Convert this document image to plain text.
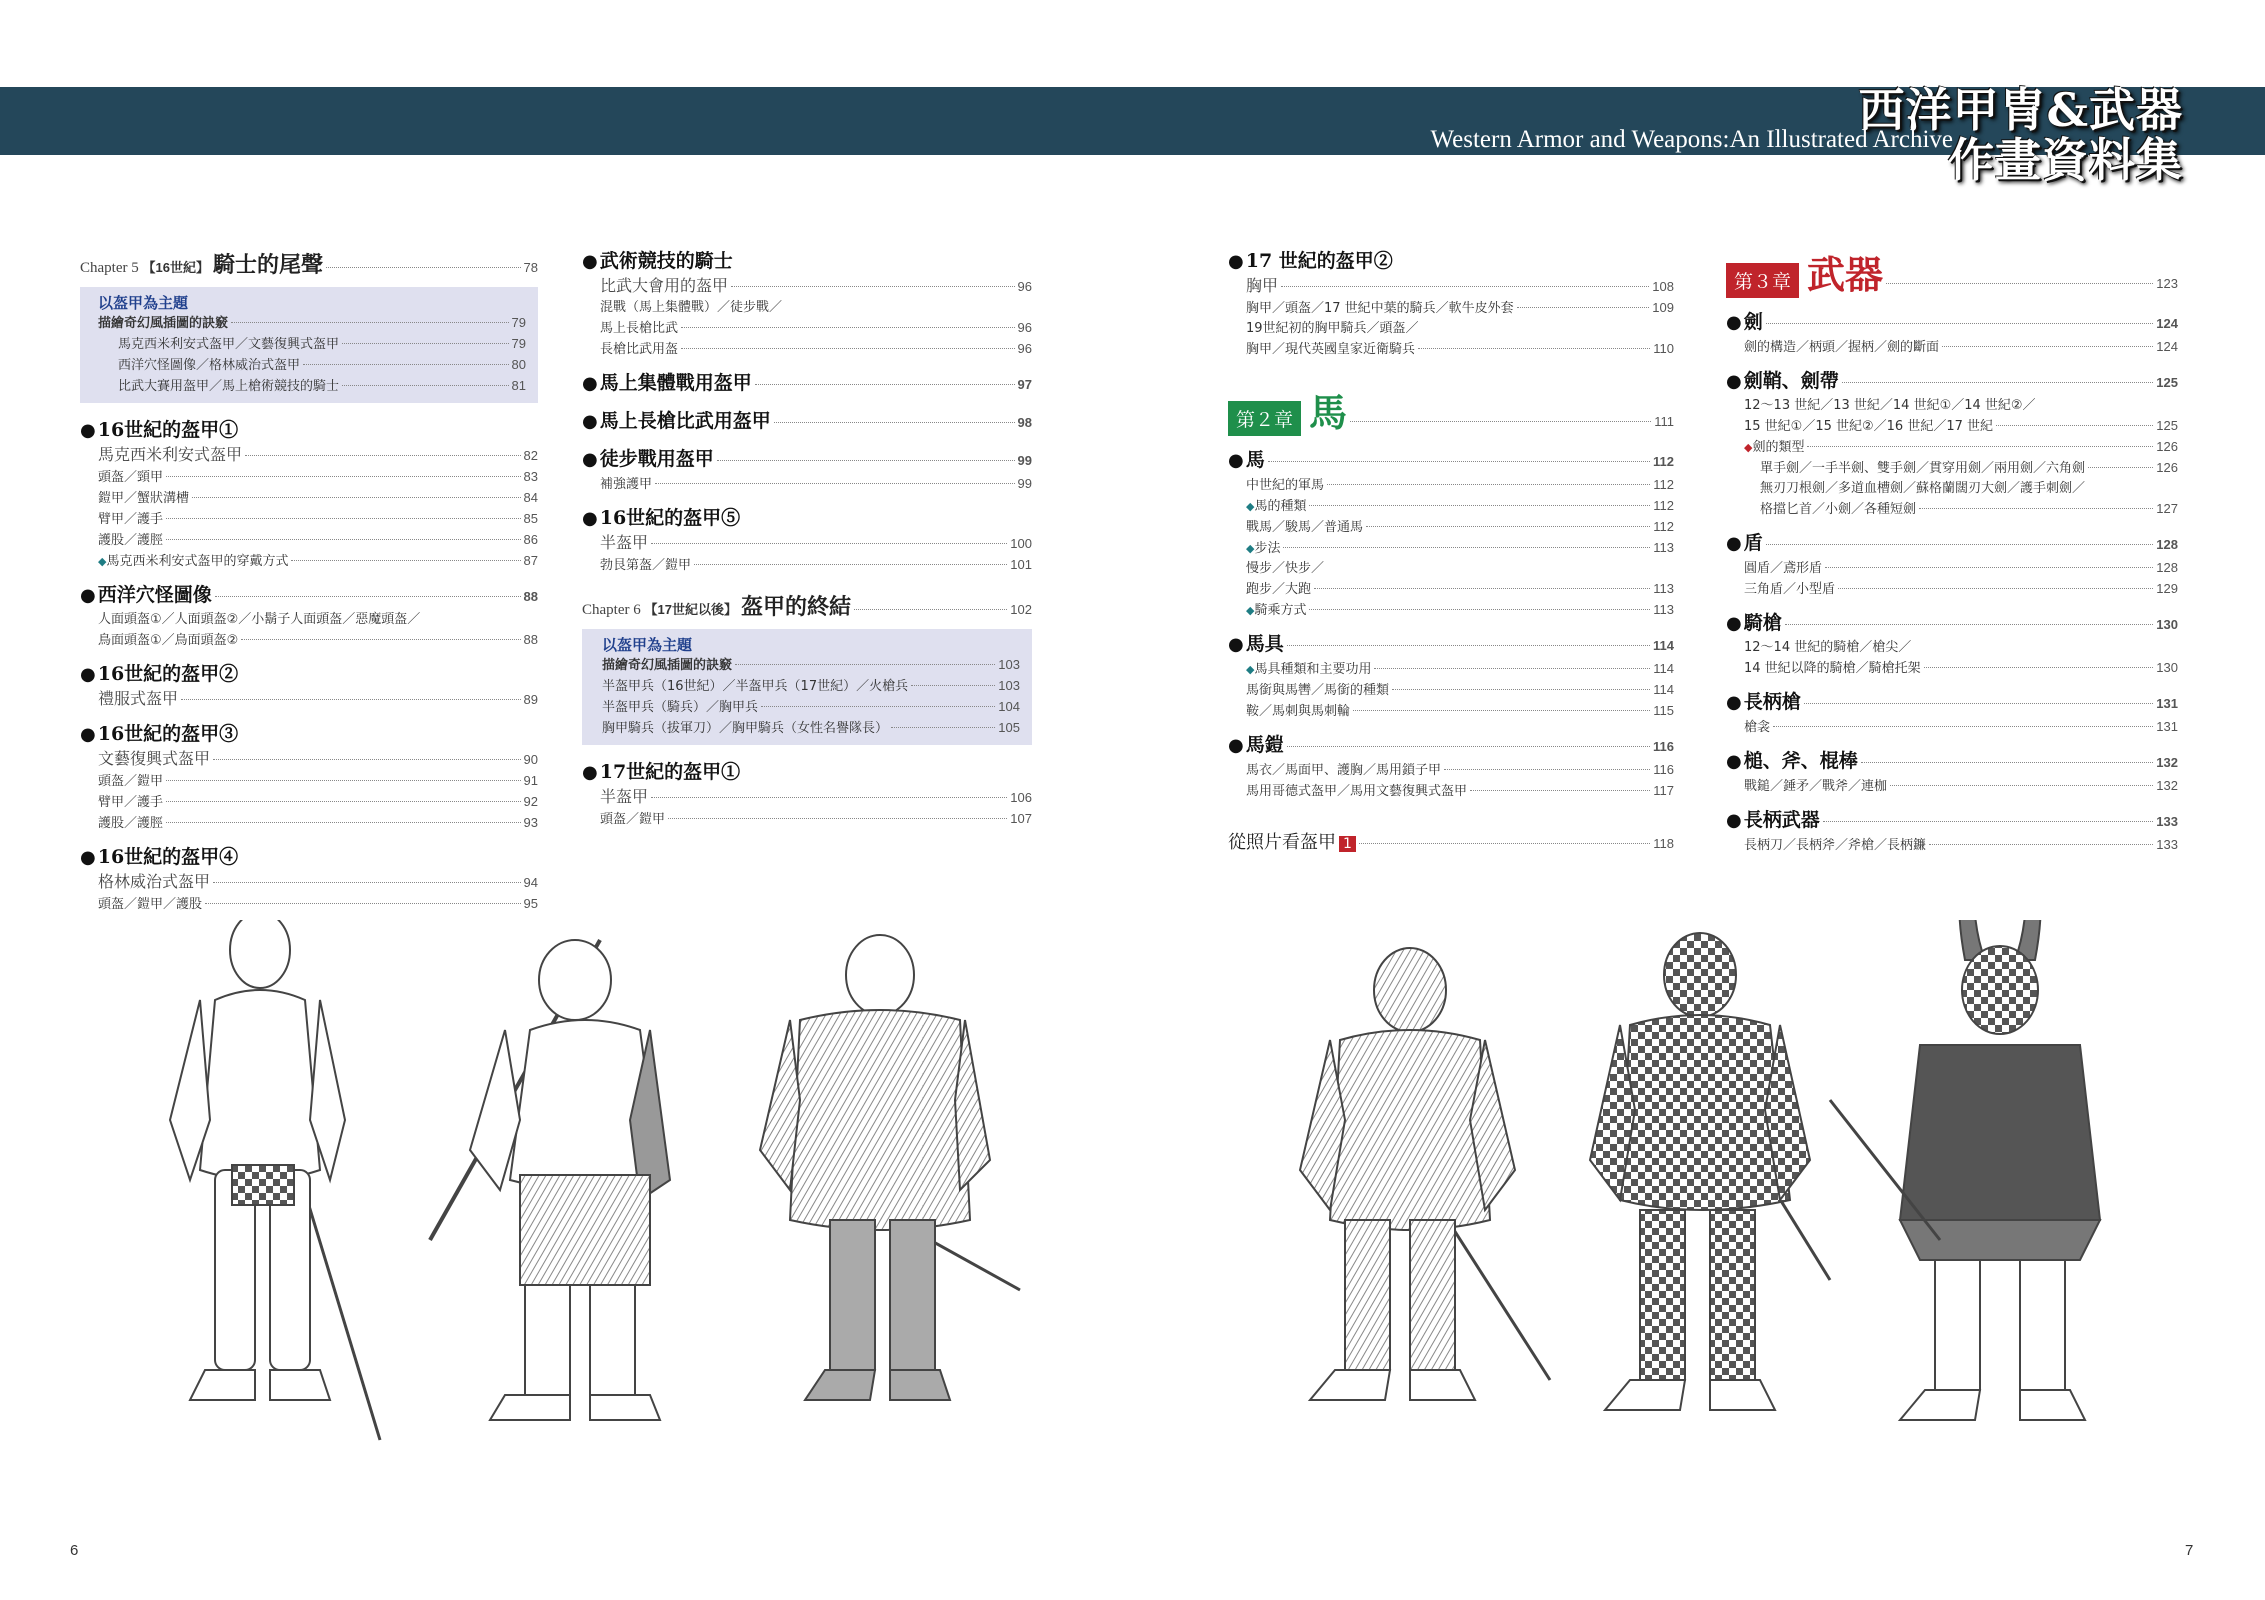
西洋甲冑&武器
作畫資料集
Western Armor and Weapons:An Illustrated Archive
Chapter 5 【16世紀】 騎士的尾聲	78
以盔甲為主題
描繪奇幻風插圖的訣竅	79
馬克西米利安式盔甲／文藝復興式盔甲	79
西洋穴怪圖像／格林威治式盔甲	80
比武大賽用盔甲／馬上槍術競技的騎士	81
● 16世紀的盔甲①
馬克西米利安式盔甲	82
頭盔／頸甲	83
鎧甲／蟹狀溝槽	84
臂甲／護手	85
護股／護脛	86
◆馬克西米利安式盔甲的穿戴方式	87
● 西洋穴怪圖像	88
人面頭盔①／人面頭盔②／小鬍子人面頭盔／惡魔頭盔／
鳥面頭盔①／鳥面頭盔②	88
● 16世紀的盔甲②
禮服式盔甲	89
● 16世紀的盔甲③
文藝復興式盔甲	90
頭盔／鎧甲	91
臂甲／護手	92
護股／護脛	93
● 16世紀的盔甲④
格林威治式盔甲	94
頭盔／鎧甲／護股	95
● 武術競技的騎士
比武大會用的盔甲	96
混戰（馬上集體戰）／徒步戰／
馬上長槍比武	96
長槍比武用盔	96
● 馬上集體戰用盔甲	97
● 馬上長槍比武用盔甲	98
● 徒步戰用盔甲	99
補強護甲	99
● 16世紀的盔甲⑤
半盔甲	100
勃艮第盔／鎧甲	101
Chapter 6 【17世紀以後】 盔甲的終結	102
以盔甲為主題
描繪奇幻風插圖的訣竅	103
半盔甲兵（16世紀）／半盔甲兵（17世紀）／火槍兵	103
半盔甲兵（騎兵）／胸甲兵	104
胸甲騎兵（拔軍刀）／胸甲騎兵（女性名譽隊長）	105
● 17世紀的盔甲①
半盔甲	106
頭盔／鎧甲	107
● 17 世紀的盔甲②
胸甲	108
胸甲／頭盔／17 世紀中葉的騎兵／軟牛皮外套	109
19世紀初的胸甲騎兵／頭盔／
胸甲／現代英國皇家近衛騎兵	110
第２章 馬	111
● 馬	112
中世紀的軍馬	112
◆馬的種類	112
戰馬／駿馬／普通馬	112
◆步法	113
慢步／快步／
跑步／大跑	113
◆騎乘方式	113
● 馬具	114
◆馬具種類和主要功用	114
馬銜與馬轡／馬銜的種類	114
鞍／馬刺與馬刺輪	115
● 馬鎧	116
馬衣／馬面甲、護胸／馬用鎖子甲	116
馬用哥德式盔甲／馬用文藝復興式盔甲	117
從照片看盔甲 1	118
第３章 武器	123
● 劍	124
劍的構造／柄頭／握柄／劍的斷面	124
● 劍鞘、劍帶	125
12～13 世紀／13 世紀／14 世紀①／14 世紀②／
15 世紀①／15 世紀②／16 世紀／17 世紀	125
◆劍的類型	126
單手劍／一手半劍、雙手劍／貫穿用劍／兩用劍／六角劍	126
無刃刀根劍／多道血槽劍／蘇格蘭闊刃大劍／護手刺劍／
格擋匕首／小劍／各種短劍	127
● 盾	128
圓盾／鳶形盾	128
三角盾／小型盾	129
● 騎槍	130
12～14 世紀的騎槍／槍尖／
14 世紀以降的騎槍／騎槍托架	130
● 長柄槍	131
槍衾	131
● 槌、斧、棍棒	132
戰鎚／錘矛／戰斧／連枷	132
● 長柄武器	133
長柄刀／長柄斧／斧槍／長柄鐮	133
6	7
